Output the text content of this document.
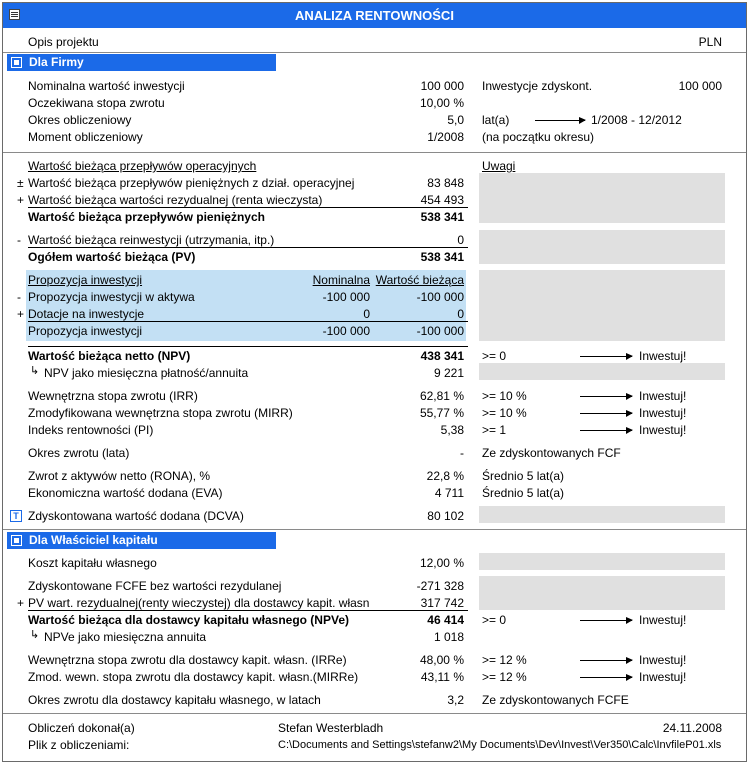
ANALIZA RENTOWNOŚCI
Opis projektu	PLN
Dla Firmy
Nominalna wartość inwestycji	100 000 Inwestycje zdyskont.	100 000
Oczekiwana stopa zwrotu	10,00 %
Okres obliczeniowy	5,0 lat(a)	1/2008 - 12/2012
Moment obliczeniowy	1/2008 (na początku okresu)
Wartość bieżąca przepływów operacyjnych	Uwagi
± Wartość bieżąca przepływów pieniężnych z dział. operacyjnej	83 848
+ Wartość bieżąca wartości rezydualnej (renta wieczysta)	454 493
Wartość bieżąca przepływów pieniężnych	538 341
- Wartość bieżąca reinwestycji (utrzymania, itp.)	0
Ogółem wartość bieżąca (PV)	538 341
Propozycja inwestycji	Nominalna Wartość bieżąca
- Propozycja inwestycji w aktywa	-100 000	-100 000
+ Dotacje na inwestycje	0	0
Propozycja inwestycji	-100 000	-100 000
Wartość bieżąca netto (NPV)	438 341 >= 0	Inwestuj!
↳ NPV jako miesięczna płatność/annuita	9 221
Wewnętrzna stopa zwrotu (IRR)	62,81 % >= 10 %	Inwestuj!
Zmodyfikowana wewnętrzna stopa zwrotu (MIRR)	55,77 % >= 10 %	Inwestuj!
Indeks rentowności (PI)	5,38 >= 1	Inwestuj!
Okres zwrotu (lata)	- Ze zdyskontowanych FCF
Zwrot z aktywów netto (RONA), %	22,8 % Średnio 5 lat(a)
Ekonomiczna wartość dodana (EVA)	4 711 Średnio 5 lat(a)
T Zdyskontowana wartość dodana (DCVA)	80 102
Dla Właściciel kapitału
Koszt kapitału własnego	12,00 %
Zdyskontowane FCFE bez wartości rezydulanej	-271 328
+ PV wart. rezydualnej(renty wieczystej) dla dostawcy kapit. własn	317 742
Wartość bieżąca dla dostawcy kapitału własnego (NPVe)	46 414 >= 0	Inwestuj!
↳ NPVe jako miesięczna annuita	1 018
Wewnętrzna stopa zwrotu dla dostawcy kapit. własn. (IRRe)	48,00 % >= 12 %	Inwestuj!
Zmod. wewn. stopa zwrotu dla dostawcy kapit. własn.(MIRRe)	43,11 % >= 12 %	Inwestuj!
Okres zwrotu dla dostawcy kapitału własnego, w latach	3,2 Ze zdyskontowanych FCFE
Obliczeń dokonał(a)	Stefan Westerbladh	24.11.2008
Plik z obliczeniami:	C:\Documents and Settings\stefanw2\My Documents\Dev\Invest\Ver350\Calc\InvfileP01.xls
